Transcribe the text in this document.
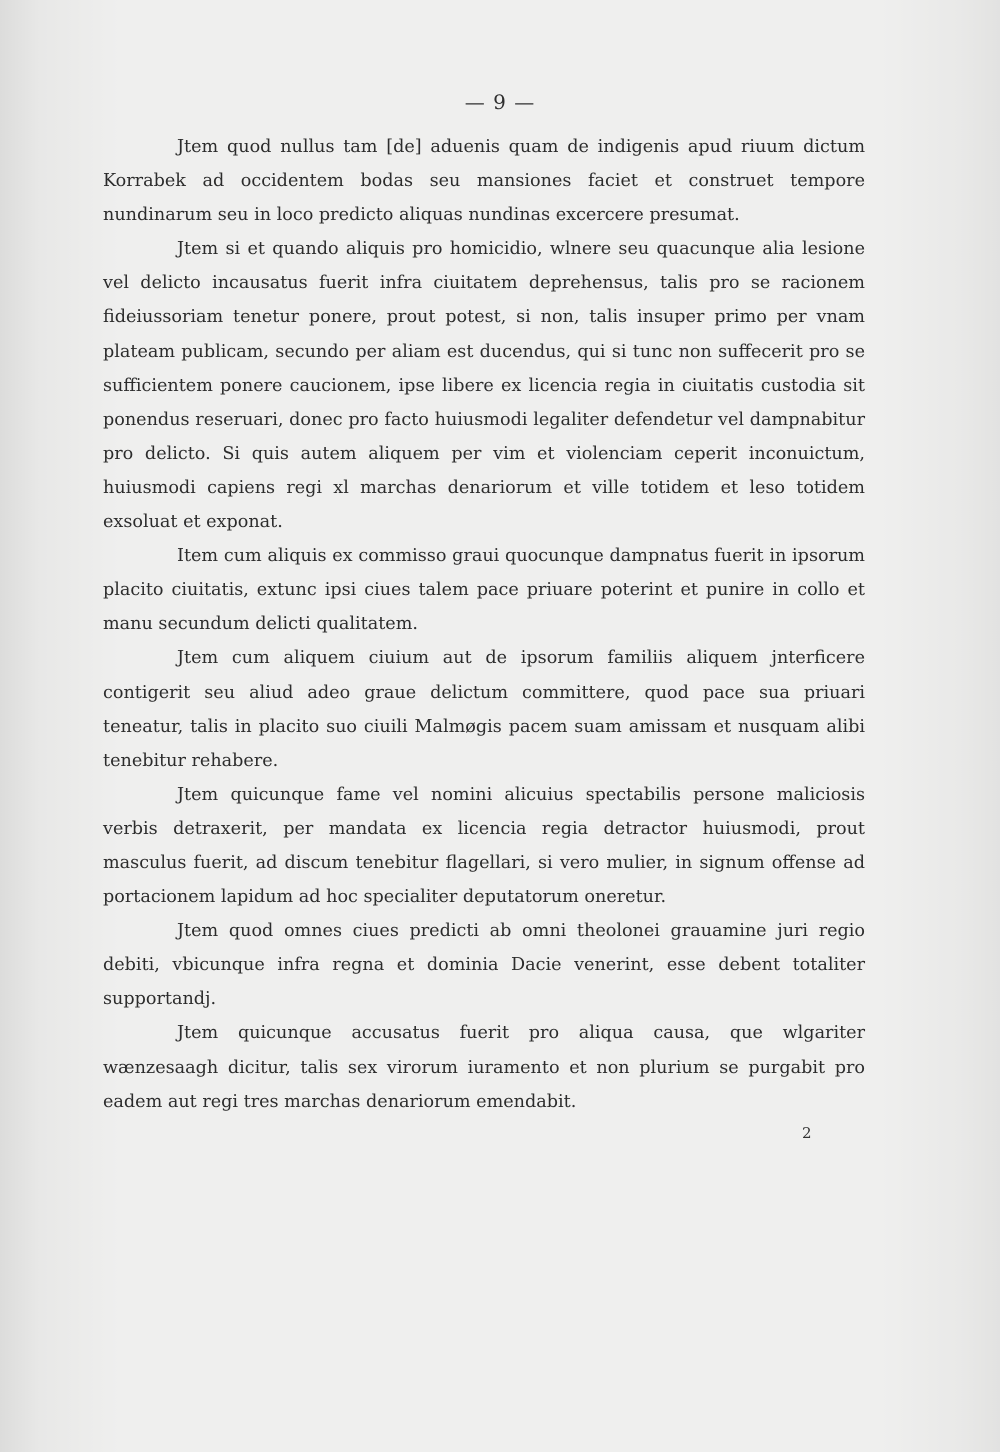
— 9 —

Jtem quod nullus tam [de] aduenis quam de indigenis apud riuum dictum Korrabek ad occidentem bodas seu mansiones faciet et construet tempore nundinarum seu in loco predicto aliquas nundinas excercere presumat.

Jtem si et quando aliquis pro homicidio, wlnere seu quacunque alia lesione vel delicto incausatus fuerit infra ciuitatem deprehensus, talis pro se racionem fideiussoriam tenetur ponere, prout potest, si non, talis insuper primo per vnam plateam publicam, secundo per aliam est ducendus, qui si tunc non suffecerit pro se sufficientem ponere caucionem, ipse libere ex licencia regia in ciuitatis custodia sit ponendus reseruari, donec pro facto huiusmodi legaliter defendetur vel dampnabitur pro delicto. Si quis autem aliquem per vim et violenciam ceperit inconuictum, huiusmodi capiens regi xl marchas denariorum et ville totidem et leso totidem exsoluat et exponat.

Item cum aliquis ex commisso graui quocunque dampnatus fuerit in ipsorum placito ciuitatis, extunc ipsi ciues talem pace priuare poterint et punire in collo et manu secundum delicti qualitatem.

Jtem cum aliquem ciuium aut de ipsorum familiis aliquem jnterficere contigerit seu aliud adeo graue delictum committere, quod pace sua priuari teneatur, talis in placito suo ciuili Malmøgis pacem suam amissam et nusquam alibi tenebitur rehabere.

Jtem quicunque fame vel nomini alicuius spectabilis persone maliciosis verbis detraxerit, per mandata ex licencia regia detractor huiusmodi, prout masculus fuerit, ad discum tenebitur flagellari, si vero mulier, in signum offense ad portacionem lapidum ad hoc specialiter deputatorum oneretur.

Jtem quod omnes ciues predicti ab omni theolonei grauamine juri regio debiti, vbicunque infra regna et dominia Dacie venerint, esse debent totaliter supportandj.

Jtem quicunque accusatus fuerit pro aliqua causa, que wlgariter wænzesaagh dicitur, talis sex virorum iuramento et non plurium se purgabit pro eadem aut regi tres marchas denariorum emendabit.

2
